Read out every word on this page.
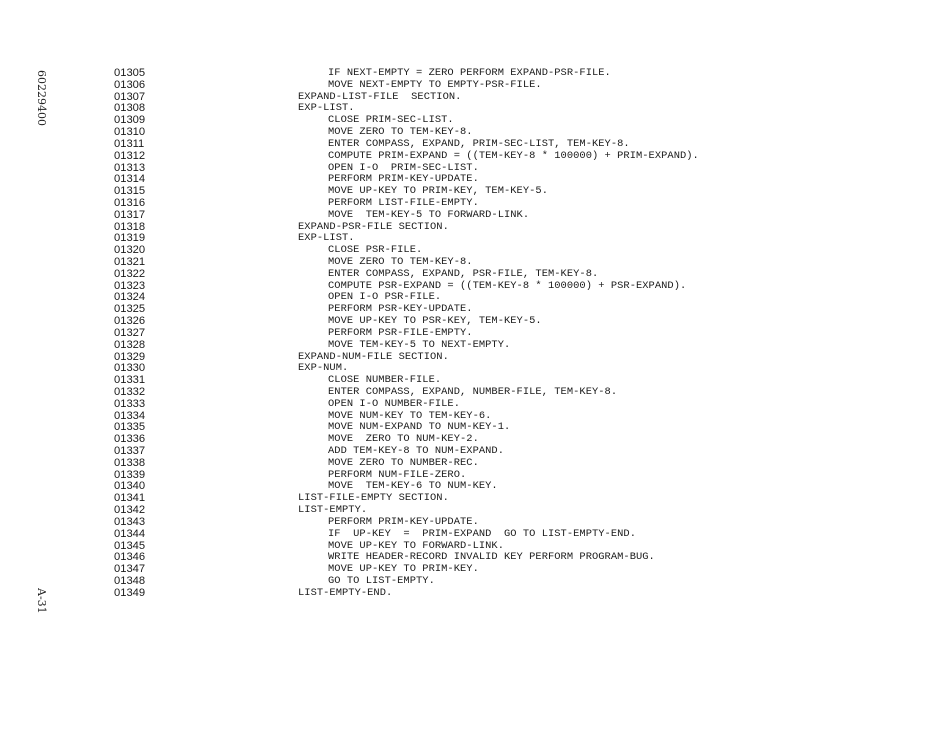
60229400
A-31
01305	IF NEXT-EMPTY = ZERO PERFORM EXPAND-PSR-FILE.
01306	MOVE NEXT-EMPTY TO EMPTY-PSR-FILE.
01307	EXPAND-LIST-FILE  SECTION.
01308	EXP-LIST.
01309	CLOSE PRIM-SEC-LIST.
01310	MOVE ZERO TO TEM-KEY-8.
01311	ENTER COMPASS, EXPAND, PRIM-SEC-LIST, TEM-KEY-8.
01312	COMPUTE PRIM-EXPAND = ((TEM-KEY-8 * 100000) + PRIM-EXPAND).
01313	OPEN I-O  PRIM-SEC-LIST.
01314	PERFORM PRIM-KEY-UPDATE.
01315	MOVE UP-KEY TO PRIM-KEY, TEM-KEY-5.
01316	PERFORM LIST-FILE-EMPTY.
01317	MOVE  TEM-KEY-5 TO FORWARD-LINK.
01318	EXPAND-PSR-FILE SECTION.
01319	EXP-LIST.
01320	CLOSE PSR-FILE.
01321	MOVE ZERO TO TEM-KEY-8.
01322	ENTER COMPASS, EXPAND, PSR-FILE, TEM-KEY-8.
01323	COMPUTE PSR-EXPAND = ((TEM-KEY-8 * 100000) + PSR-EXPAND).
01324	OPEN I-O PSR-FILE.
01325	PERFORM PSR-KEY-UPDATE.
01326	MOVE UP-KEY TO PSR-KEY, TEM-KEY-5.
01327	PERFORM PSR-FILE-EMPTY.
01328	MOVE TEM-KEY-5 TO NEXT-EMPTY.
01329	EXPAND-NUM-FILE SECTION.
01330	EXP-NUM.
01331	CLOSE NUMBER-FILE.
01332	ENTER COMPASS, EXPAND, NUMBER-FILE, TEM-KEY-8.
01333	OPEN I-O NUMBER-FILE.
01334	MOVE NUM-KEY TO TEM-KEY-6.
01335	MOVE NUM-EXPAND TO NUM-KEY-1.
01336	MOVE  ZERO TO NUM-KEY-2.
01337	ADD TEM-KEY-8 TO NUM-EXPAND.
01338	MOVE ZERO TO NUMBER-REC.
01339	PERFORM NUM-FILE-ZERO.
01340	MOVE  TEM-KEY-6 TO NUM-KEY.
01341	LIST-FILE-EMPTY SECTION.
01342	LIST-EMPTY.
01343	PERFORM PRIM-KEY-UPDATE.
01344	IF  UP-KEY  =  PRIM-EXPAND  GO TO LIST-EMPTY-END.
01345	MOVE UP-KEY TO FORWARD-LINK.
01346	WRITE HEADER-RECORD INVALID KEY PERFORM PROGRAM-BUG.
01347	MOVE UP-KEY TO PRIM-KEY.
01348	GO TO LIST-EMPTY.
01349	LIST-EMPTY-END.
